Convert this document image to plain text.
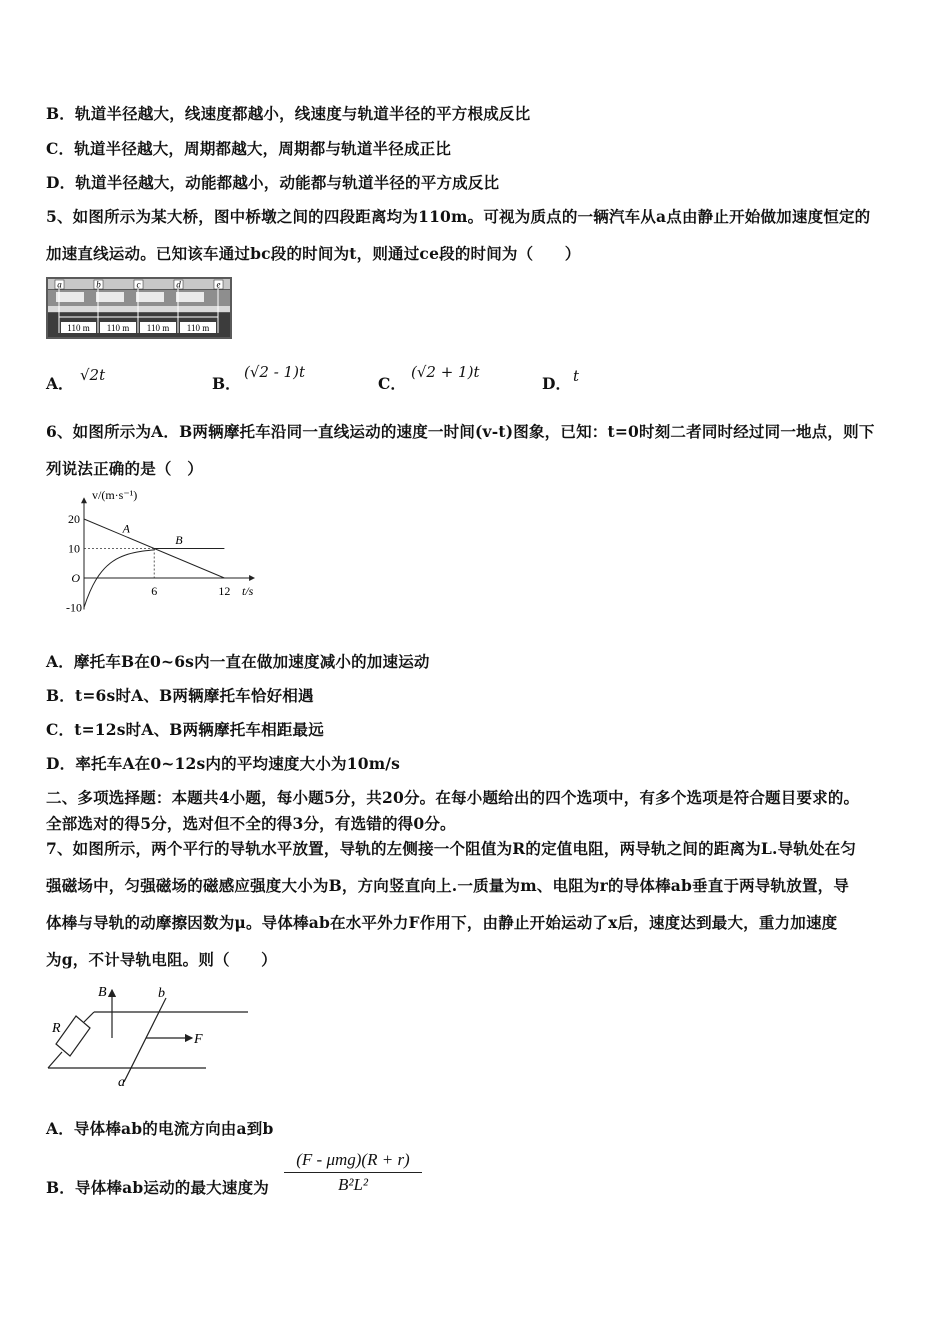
B．轨道半径越大，线速度都越小，线速度与轨道半径的平方根成反比
C．轨道半径越大，周期都越大，周期都与轨道半径成正比
D．轨道半径越大，动能都越小，动能都与轨道半径的平方成反比
5、如图所示为某大桥，图中桥墩之间的四段距离均为110m。可视为质点的一辆汽车从a点由静止开始做加速度恒定的
加速直线运动。已知该车通过bc段的时间为t，则通过ce段的时间为（　　）
a	b	c	d	e
110 m 110 m 110 m 110 m
A． √2t	B．
(√2 - 1)t
C．
(√2 + 1)t
D． t
6、如图所示为A．B两辆摩托车沿同一直线运动的速度一时间(v-t)图象，已知：t=0时刻二者同时经过同一地点，则下
列说法正确的是（　）
v/(m·s⁻¹)
t/s
20
10
O
-10
6	12
A
B
A．摩托车B在0~6s内一直在做加速度减小的加速运动
B．t=6s时A、B两辆摩托车恰好相遇
C．t=12s时A、B两辆摩托车相距最远
D．率托车A在0~12s内的平均速度大小为10m/s
二、多项选择题：本题共4小题，每小题5分，共20分。在每小题给出的四个选项中，有多个选项是符合题目要求的。
全部选对的得5分，选对但不全的得3分，有选错的得0分。
7、如图所示，两个平行的导轨水平放置，导轨的左侧接一个阻值为R的定值电阻，两导轨之间的距离为L.导轨处在匀
强磁场中，匀强磁场的磁感应强度大小为B，方向竖直向上.一质量为m、电阻为r的导体棒ab垂直于两导轨放置，导
体棒与导轨的动摩擦因数为μ。导体棒ab在水平外力F作用下，由静止开始运动了x后，速度达到最大，重力加速度
为g，不计导轨电阻。则（　　）
B	b
R
F
a
A．导体棒ab的电流方向由a到b
B．导体棒ab运动的最大速度为
(F - μmg)(R + r)
B²L²
